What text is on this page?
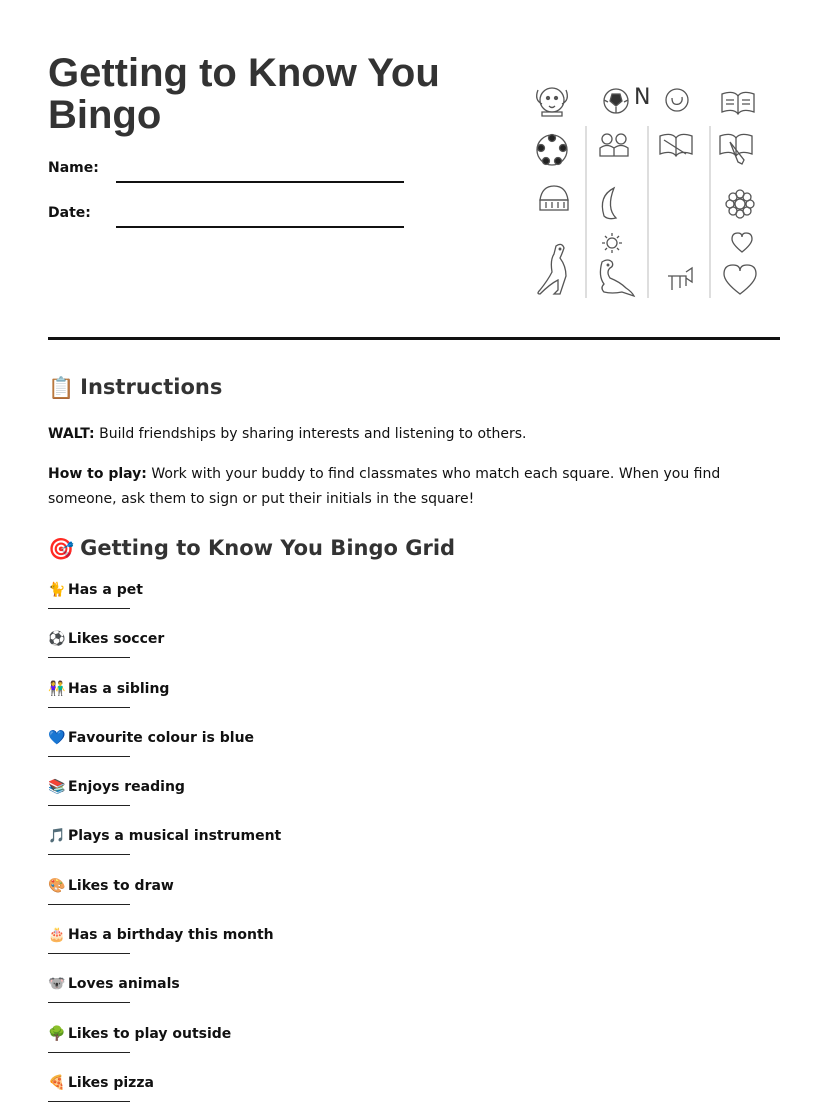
Getting to Know You
Bingo
Name:
Date:
N
📋 Instructions

WALT: Build friendships by sharing interests and listening to others.

How to play: Work with your buddy to find classmates who match each square. When you find someone, ask them to sign or put their initials in the square!

🎯 Getting to Know You Bingo Grid
🐈 Has a pet
⚽ Likes soccer
👫 Has a sibling
💙 Favourite colour is blue
📚 Enjoys reading
🎵 Plays a musical instrument
🎨 Likes to draw
🎂 Has a birthday this month
🐨 Loves animals
🌳 Likes to play outside
🍕 Likes pizza
